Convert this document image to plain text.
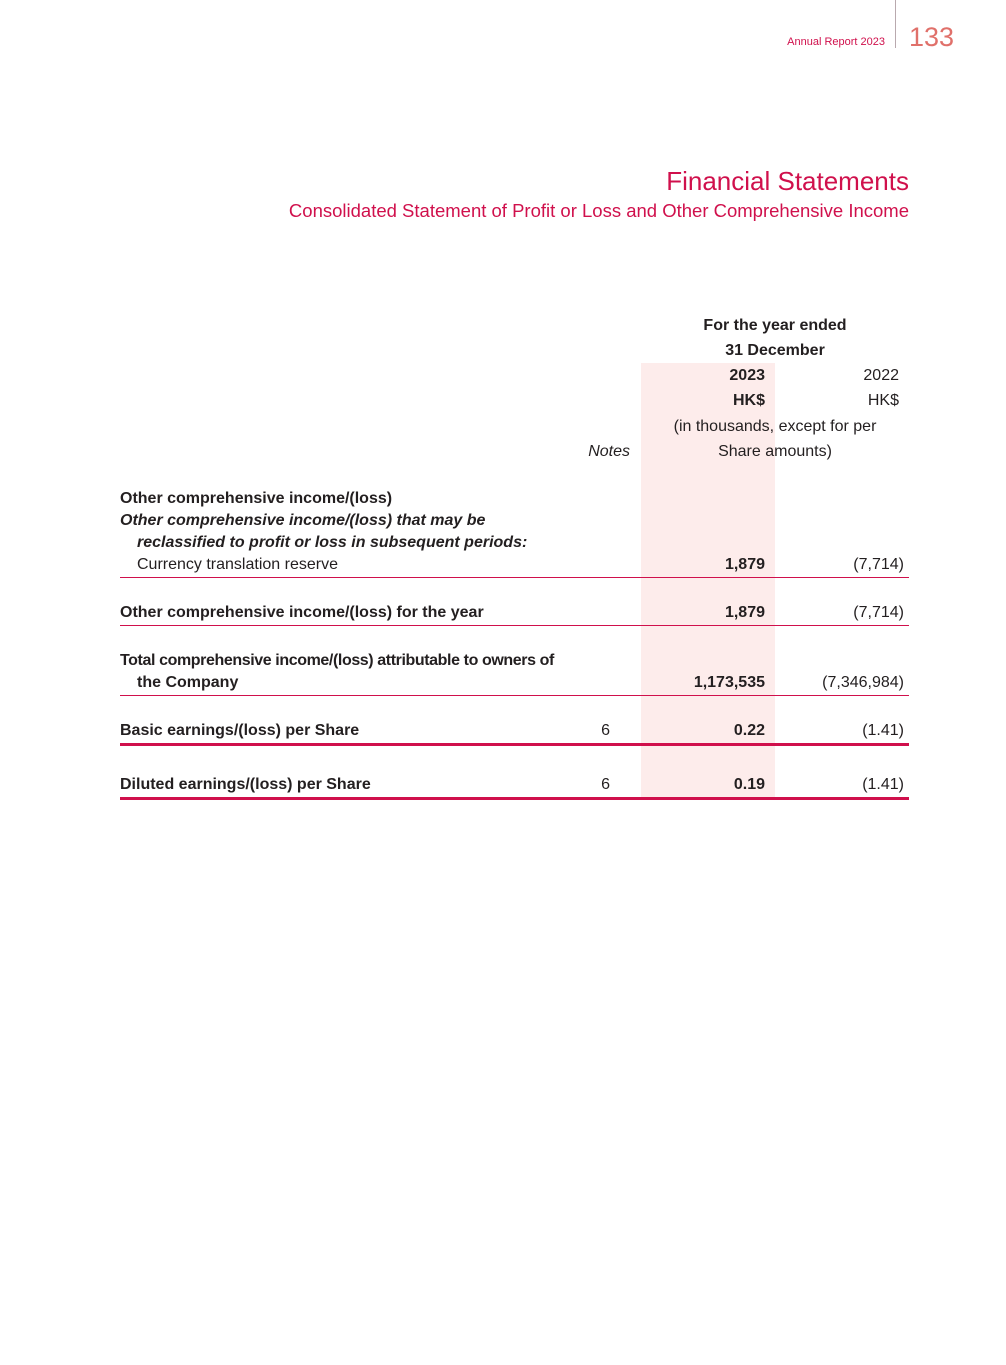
Annual Report 2023 133
Financial Statements
Consolidated Statement of Profit or Loss and Other Comprehensive Income
For the year ended
31 December
2023	2022
HK$	HK$
(in thousands, except for per
Share amounts)
Notes
Other comprehensive income/(loss)
Other comprehensive income/(loss) that may be
reclassified to profit or loss in subsequent periods:
Currency translation reserve	1,879	(7,714)
Other comprehensive income/(loss) for the year	1,879	(7,714)
Total comprehensive income/(loss) attributable to owners of
the Company	1,173,535	(7,346,984)
Basic earnings/(loss) per Share	6	0.22	(1.41)
Diluted earnings/(loss) per Share	6	0.19	(1.41)
